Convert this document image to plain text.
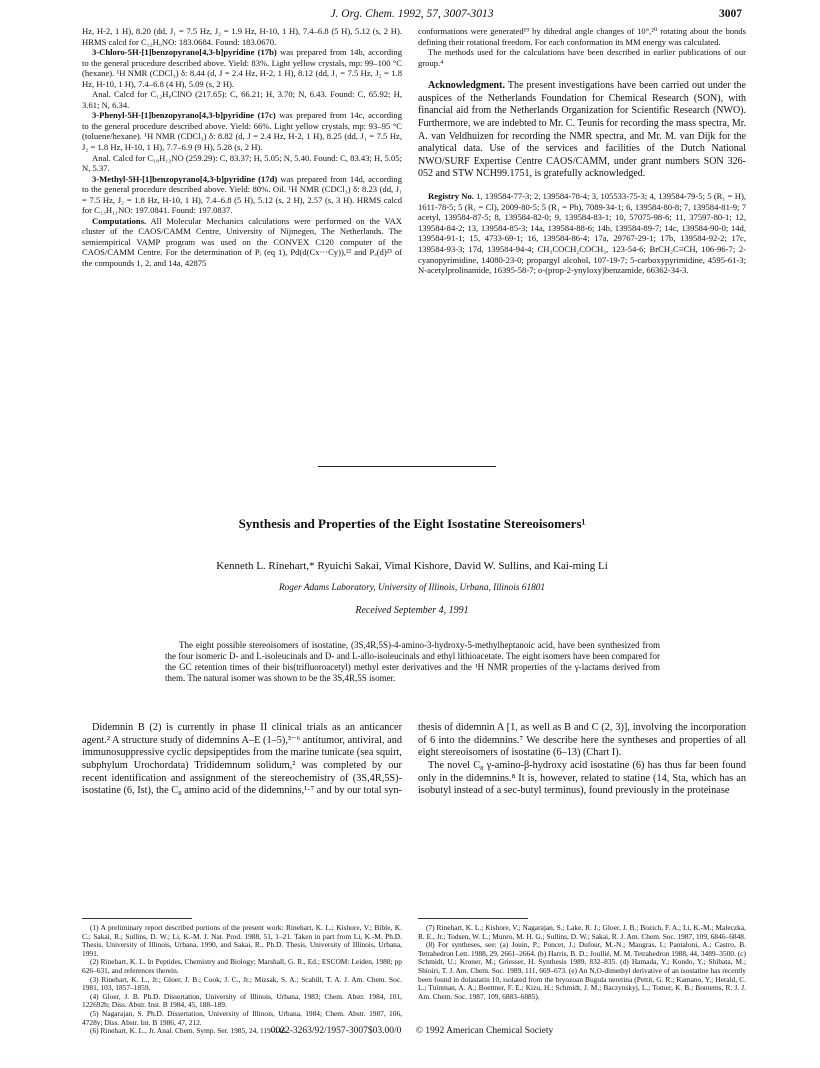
J. Org. Chem. 1992, 57, 3007-3013	3007

Hz, H-2, 1 H), 8.20 (dd, J₁ = 7.5 Hz, J₂ = 1.9 Hz, H-10, 1 H), 7.4–6.8 (5 H), 5.12 (s, 2 H). HRMS calcd for C₁₂H₉NO: 183.0684. Found: 183.0670.

3-Chloro-5H-[1]benzopyrano[4,3-b]pyridine (17b) was prepared from 14b, according to the general procedure described above. Yield: 83%. Light yellow crystals, mp: 99–100 °C (hexane). ¹H NMR (CDCl₃) δ: 8.44 (d, J = 2.4 Hz, H-2, 1 H), 8.12 (dd, J₁ = 7.5 Hz, J₂ = 1.8 Hz, H-10, 1 H), 7.4–6.8 (4 H), 5.09 (s, 2 H).

Anal. Calcd for C₁₂H₈ClNO (217.65): C, 66.21; H, 3.70; N, 6.43. Found: C, 65.92; H, 3.61; N, 6.34.

3-Phenyl-5H-[1]benzopyrano[4,3-b]pyridine (17c) was prepared from 14c, according to the general procedure described above. Yield: 66%. Light yellow crystals, mp: 93–95 °C (toluene/hexane). ¹H NMR (CDCl₃) δ: 8.82 (d, J = 2.4 Hz, H-2, 1 H), 8.25 (dd, J₁ = 7.5 Hz, J₂ = 1.8 Hz, H-10, 1 H), 7.7–6.9 (9 H), 5.28 (s, 2 H).

Anal. Calcd for C₁₈H₁₃NO (259.29): C, 83.37; H, 5.05; N, 5.40. Found: C, 83.43; H, 5.05; N, 5.37.

3-Methyl-5H-[1]benzopyrano[4,3-b]pyridine (17d) was prepared from 14d, according to the general procedure described above. Yield: 80%. Oil. ¹H NMR (CDCl₃) δ: 8.23 (dd, J₁ = 7.5 Hz, J₂ = 1.8 Hz, H-10, 1 H), 7.4–6.8 (5 H), 5.12 (s, 2 H), 2.57 (s, 3 H). HRMS calcd for C₁₃H₁₁NO: 197.0841. Found: 197.0837.

Computations. All Molecular Mechanics calculations were performed on the VAX cluster of the CAOS/CAMM Centre, University of Nijmegen, The Netherlands. The semiempirical VAMP program was used on the CONVEX C120 computer of the CAOS/CAMM Centre. For the determination of Pᵢ (eq 1), Pd(d(Cx···Cy)),²² and Pₐ(d)²³ of the compounds 1, 2, and 14a, 42875

conformations were generated¹⁹ by dihedral angle changes of 10°,²⁰ rotating about the bonds defining their rotational freedom. For each conformation its MM energy was calculated.

The methods used for the calculations have been described in earlier publications of our group.⁴

Acknowledgment. The present investigations have been carried out under the auspices of the Netherlands Foundation for Chemical Research (SON), with financial aid from the Netherlands Organization for Scientific Research (NWO). Furthermore, we are indebted to Mr. C. Teunis for recording the mass spectra, Mr. A. van Veldhuizen for recording the NMR spectra, and Mr. M. van Dijk for the analytical data. Use of the services and facilities of the Dutch National NWO/SURF Expertise Centre CAOS/CAMM, under grant numbers SON 326-052 and STW NCH99.1751, is gratefully acknowledged.

Registry No. 1, 139584-77-3; 2, 139584-78-4; 3, 105533-75-3; 4, 139584-79-5; 5 (R₁ = H), 1611-78-5; 5 (R₁ = Cl), 2009-80-5; 5 (R₁ = Ph), 7089-34-1; 6, 139584-80-8; 7, 139584-81-9; 7 acetyl, 139584-87-5; 8, 139584-82-0; 9, 139584-83-1; 10, 57075-98-6; 11, 37597-80-1; 12, 139584-84-2; 13, 139584-85-3; 14a, 139584-88-6; 14b, 139584-89-7; 14c, 139584-90-0; 14d, 139584-91-1; 15, 4733-69-1; 16, 139584-86-4; 17a, 29767-29-1; 17b, 139584-92-2; 17c, 139584-93-3; 17d, 139584-94-4; CH₃COCH₂COCH₃, 123-54-6; BrCH₂C≡CH, 106-96-7; 2-cyanopyrimidine, 14080-23-0; propargyl alcohol, 107-19-7; 5-carboxypyrimidine, 4595-61-3; N-acetylprolinamide, 16395-58-7; o-(prop-2-ynyloxy)benzamide, 66362-34-3.

Synthesis and Properties of the Eight Isostatine Stereoisomers¹
Kenneth L. Rinehart,* Ryuichi Sakai, Vimal Kishore, David W. Sullins, and Kai-ming Li
Roger Adams Laboratory, University of Illinois, Urbana, Illinois 61801
Received September 4, 1991

The eight possible stereoisomers of isostatine, (3S,4R,5S)-4-amino-3-hydroxy-5-methylheptanoic acid, have been synthesized from the four isomeric D- and L-isoleucinals and D- and L-allo-isoleucinals and ethyl lithioacetate. The eight isomers have been compared for the GC retention times of their bis(trifluoroacetyl) methyl ester derivatives and the ¹H NMR properties of the γ-lactams derived from them. The natural isomer was shown to be the 3S,4R,5S isomer.

Didemnin B (2) is currently in phase II clinical trials as an anticancer agent.² A structure study of didemnins A–E (1–5),³⁻⁶ antitumor, antiviral, and immunosuppressive cyclic depsipeptides from the marine tunicate (sea squirt, subphylum Urochordata) Trididemnum solidum,² was completed by our recent identification and assignment of the stereochemistry of (3S,4R,5S)-isostatine (6, Ist), the C₈ amino acid of the didemnins,¹·⁷ and by our total syn-

thesis of didemnin A [1, as well as B and C (2, 3)], involving the incorporation of 6 into the didemnins.⁷ We describe here the syntheses and properties of all eight stereoisomers of isostatine (6–13) (Chart I).

The novel C₈ γ-amino-β-hydroxy acid isostatine (6) has thus far been found only in the didemnins.⁸ It is, however, related to statine (14, Sta, which has an isobutyl instead of a sec-butyl terminus), found previously in the proteinase

(1) A preliminary report described portions of the present work: Rinehart, K. L.; Kishore, V.; Bible, K. C.; Sakai, R.; Sullins, D. W.; Li, K.-M. J. Nat. Prod. 1988, 51, 1–21. Taken in part from Li, K.-M. Ph.D. Thesis, University of Illinois, Urbana, 1990, and Sakai, R., Ph.D. Thesis, University of Illinois, Urbana, 1991.

(2) Rinehart, K. L. In Peptides, Chemistry and Biology; Marshall, G. R., Ed.; ESCOM: Leiden, 1988; pp 626–631, and references therein.

(3) Rinehart, K. L., Jr.; Gloer, J. B.; Cook, J. C., Jr.; Mizsak, S. A.; Scahill, T. A. J. Am. Chem. Soc. 1981, 103, 1857–1859.

(4) Gloer, J. B. Ph.D. Dissertation, University of Illinois, Urbana, 1983; Chem. Abstr. 1984, 101, 122692b; Diss. Abstr. Inst. B 1984, 45, 188–189.

(5) Nagarajan, S. Ph.D. Dissertation, University of Illinois, Urbana, 1984; Chem. Abstr. 1987, 106, 4728y; Diss. Abstr. Int. B 1986, 47, 212.

(6) Rinehart, K. L., Jr. Anal. Chem. Symp. Ser. 1985, 24, 119–146.

(7) Rinehart, K. L.; Kishore, V.; Nagarajan, S.; Lake, R. J.; Gloer, J. B.; Bozich, F. A.; Li, K.-M.; Maleczka, R. E., Jr.; Todsen, W. L.; Munro, M. H. G.; Sullins, D. W.; Sakai, R. J. Am. Chem. Soc. 1987, 109, 6846–6848.

(8) For syntheses, see: (a) Jouin, P.; Poncet, J.; Dufour, M.-N.; Maugras, I.; Pantaloni, A.; Castro, B. Tetrahedron Lett. 1988, 29, 2661–2664. (b) Harris, B. D.; Joullié, M. M. Tetrahedron 1988, 44, 3489–3500. (c) Schmidt, U.; Kroner, M.; Griesser, H. Synthesis 1989, 832–835. (d) Hamada, Y.; Kondo, Y.; Shibata, M.; Shioiri, T. J. Am. Chem. Soc. 1989, 111, 669–673. (e) An N,O-dimethyl derivative of an isostatine has recently been found in dolastatin 10, isolated from the bryozoan Bugula neretina (Pettit, G. R.; Kamano, Y.; Herald, C. L.; Tuinman, A. A.; Boettner, F. E.; Kizu, H.; Schmidt, J. M.; Baczynskyj, L.; Tomer, K. B.; Bontems, R. J. J. Am. Chem. Soc. 1987, 109, 6883–6885).

0022-3263/92/1957-3007$03.00/0 © 1992 American Chemical Society
